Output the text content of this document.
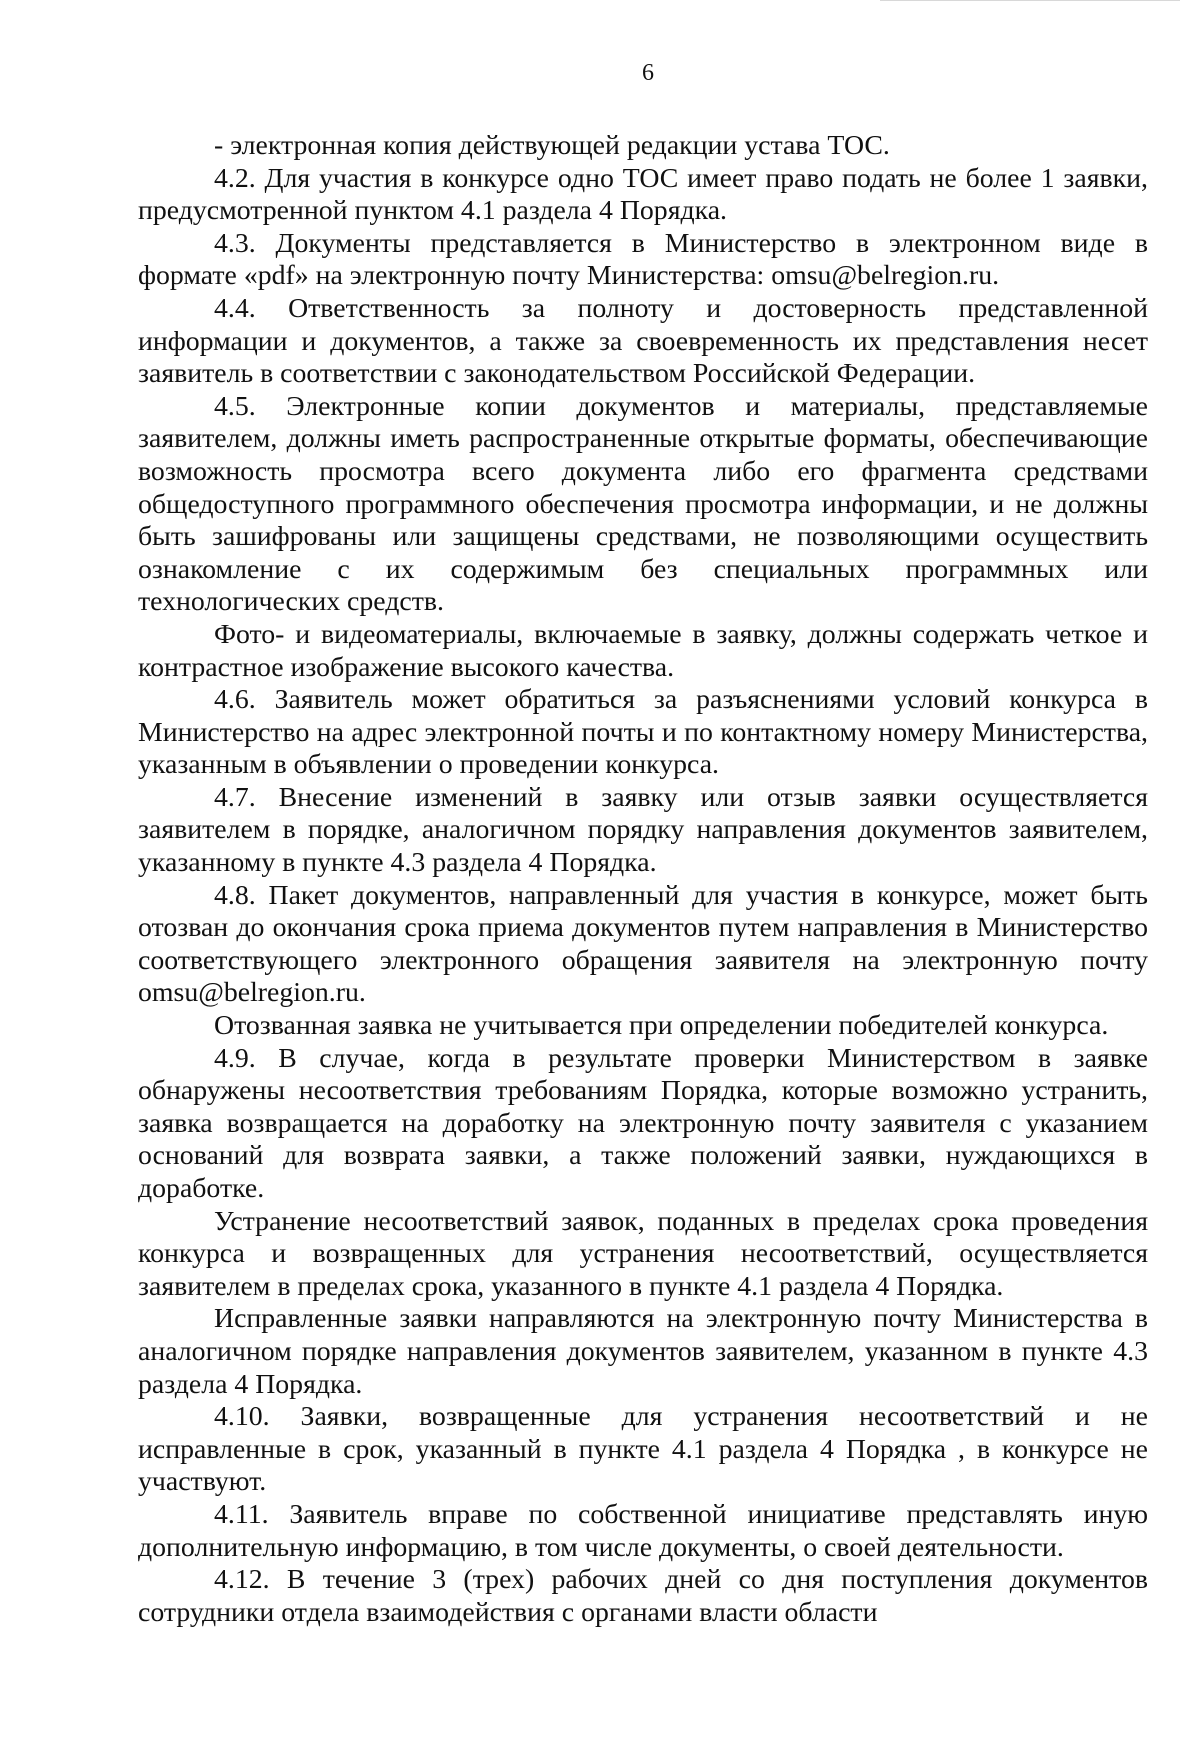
6

- электронная копия действующей редакции устава ТОС.

4.2. Для участия в конкурсе одно ТОС имеет право подать не более 1 заявки, предусмотренной пунктом 4.1 раздела 4 Порядка.

4.3. Документы представляется в Министерство в электронном виде в формате «pdf» на электронную почту Министерства: omsu@belregion.ru.

4.4. Ответственность за полноту и достоверность представленной информации и документов, а также за своевременность их представления несет заявитель в соответствии с законодательством Российской Федерации.

4.5. Электронные копии документов и материалы, представляемые заявителем, должны иметь распространенные открытые форматы, обеспечивающие возможность просмотра всего документа либо его фрагмента средствами общедоступного программного обеспечения просмотра информации, и не должны быть зашифрованы или защищены средствами, не позволяющими осуществить ознакомление с их содержимым без специальных программных или технологических средств.

Фото- и видеоматериалы, включаемые в заявку, должны содержать четкое и контрастное изображение высокого качества.

4.6. Заявитель может обратиться за разъяснениями условий конкурса в Министерство на адрес электронной почты и по контактному номеру Министерства, указанным в объявлении о проведении конкурса.

4.7. Внесение изменений в заявку или отзыв заявки осуществляется заявителем в порядке, аналогичном порядку направления документов заявителем, указанному в пункте 4.3 раздела 4 Порядка.

4.8. Пакет документов, направленный для участия в конкурсе, может быть отозван до окончания срока приема документов путем направления в Министерство соответствующего электронного обращения заявителя на электронную почту omsu@belregion.ru.

Отозванная заявка не учитывается при определении победителей конкурса.

4.9. В случае, когда в результате проверки Министерством в заявке обнаружены несоответствия требованиям Порядка, которые возможно устранить, заявка возвращается на доработку на электронную почту заявителя с указанием оснований для возврата заявки, а также положений заявки, нуждающихся в доработке.

Устранение несоответствий заявок, поданных в пределах срока проведения конкурса и возвращенных для устранения несоответствий, осуществляется заявителем в пределах срока, указанного в пункте 4.1 раздела 4 Порядка.

Исправленные заявки направляются на электронную почту Министерства в аналогичном порядке направления документов заявителем, указанном в пункте 4.3 раздела 4 Порядка.

4.10. Заявки, возвращенные для устранения несоответствий и не исправленные в срок, указанный в пункте 4.1 раздела 4 Порядка , в конкурсе не участвуют.

4.11. Заявитель вправе по собственной инициативе представлять иную дополнительную информацию, в том числе документы, о своей деятельности.

4.12. В течение 3 (трех) рабочих дней со дня поступления документов сотрудники отдела взаимодействия с органами власти области
